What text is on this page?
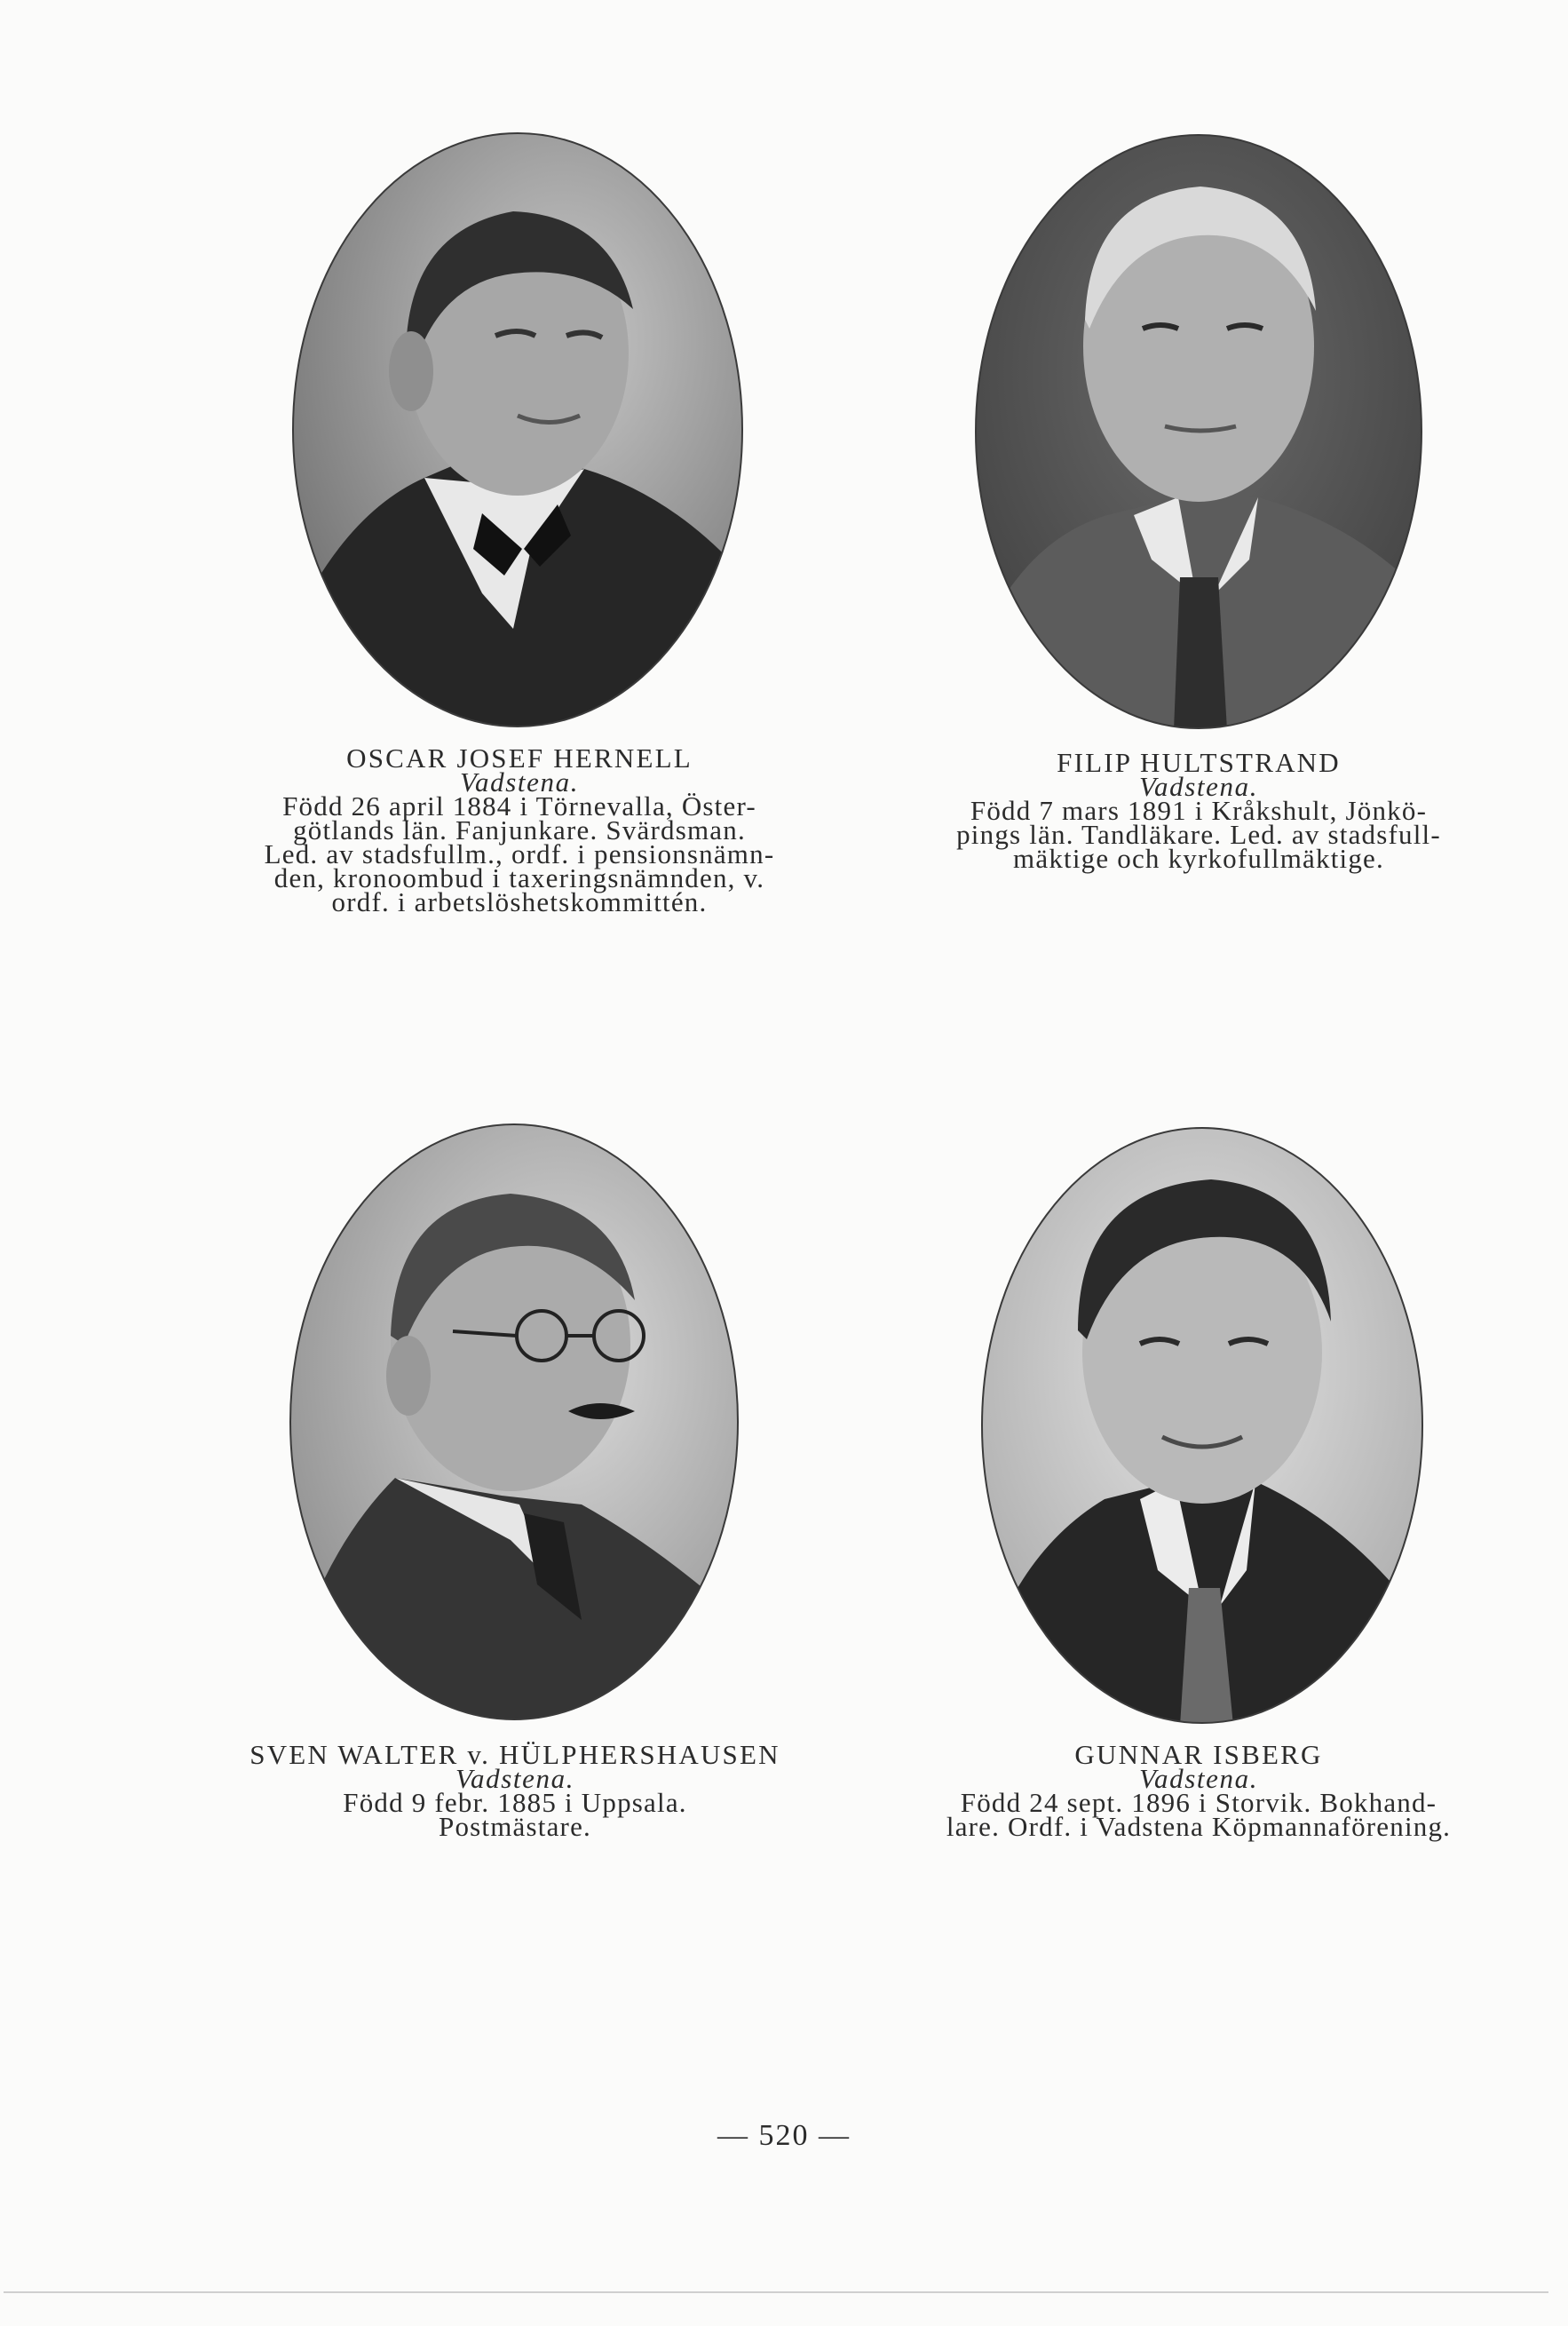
OSCAR JOSEF HERNELL
Vadstena.
Född 26 april 1884 i Törnevalla, Öster-
götlands län. Fanjunkare. Svärdsman.
Led. av stadsfullm., ordf. i pensionsnämn-
den, kronoombud i taxeringsnämnden, v.
ordf. i arbetslöshetskommittén.
FILIP HULTSTRAND
Vadstena.
Född 7 mars 1891 i Kråkshult, Jönkö-
pings län. Tandläkare. Led. av stadsfull-
mäktige och kyrkofullmäktige.
SVEN WALTER v. HÜLPHERSHAUSEN
Vadstena.
Född 9 febr. 1885 i Uppsala.
Postmästare.
GUNNAR ISBERG
Vadstena.
Född 24 sept. 1896 i Storvik. Bokhand-
lare. Ordf. i Vadstena Köpmannaförening.
— 520 —
